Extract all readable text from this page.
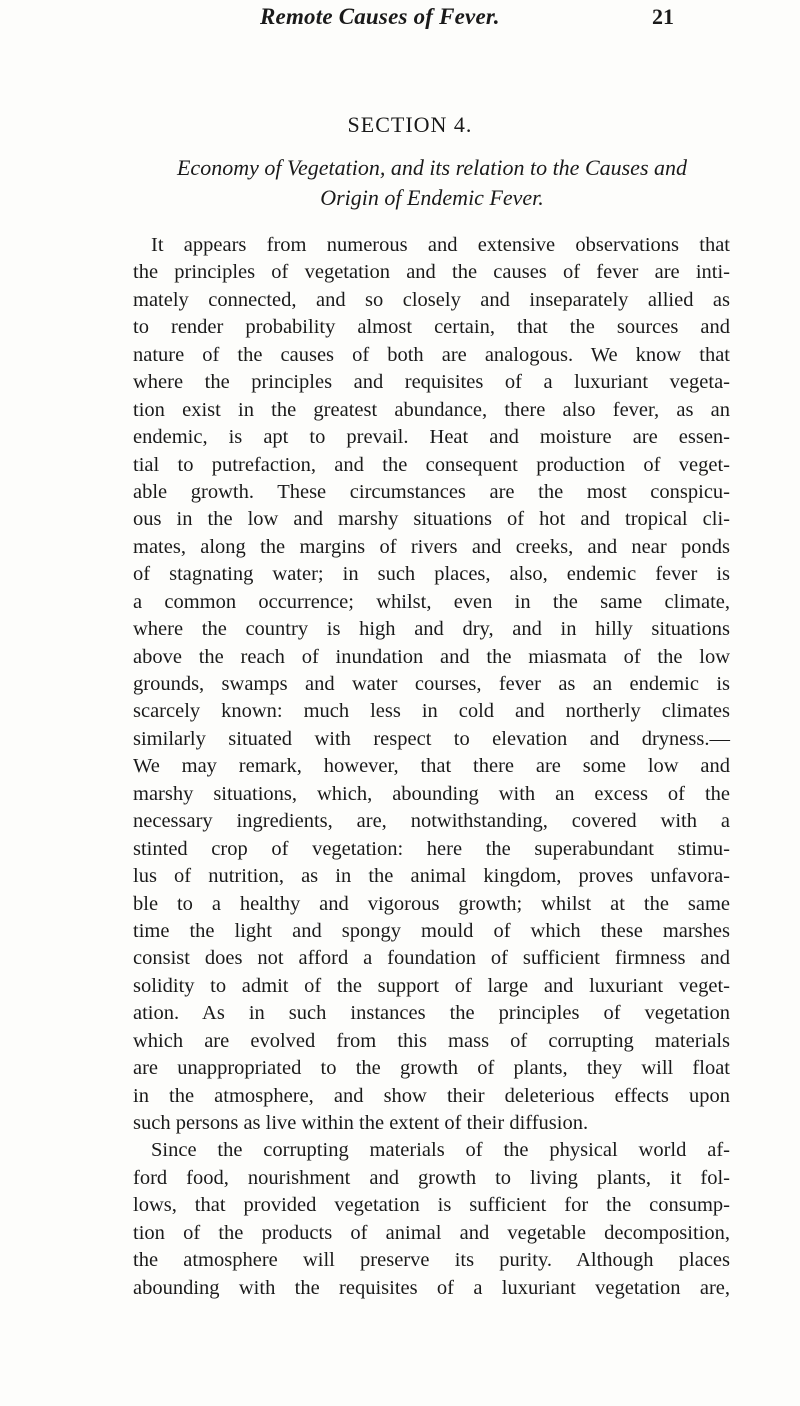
Remote Causes of Fever.	21
SECTION 4.
Economy of Vegetation, and its relation to the Causes and
Origin of Endemic Fever.
It appears from numerous and extensive observations that
the principles of vegetation and the causes of fever are inti-
mately connected, and so closely and inseparately allied as
to render probability almost certain, that the sources and
nature of the causes of both are analogous. We know that
where the principles and requisites of a luxuriant vegeta-
tion exist in the greatest abundance, there also fever, as an
endemic, is apt to prevail. Heat and moisture are essen-
tial to putrefaction, and the consequent production of veget-
able growth. These circumstances are the most conspicu-
ous in the low and marshy situations of hot and tropical cli-
mates, along the margins of rivers and creeks, and near ponds
of stagnating water; in such places, also, endemic fever is
a common occurrence; whilst, even in the same climate,
where the country is high and dry, and in hilly situations
above the reach of inundation and the miasmata of the low
grounds, swamps and water courses, fever as an endemic is
scarcely known: much less in cold and northerly climates
similarly situated with respect to elevation and dryness.—
We may remark, however, that there are some low and
marshy situations, which, abounding with an excess of the
necessary ingredients, are, notwithstanding, covered with a
stinted crop of vegetation: here the superabundant stimu-
lus of nutrition, as in the animal kingdom, proves unfavora-
ble to a healthy and vigorous growth; whilst at the same
time the light and spongy mould of which these marshes
consist does not afford a foundation of sufficient firmness and
solidity to admit of the support of large and luxuriant veget-
ation. As in such instances the principles of vegetation
which are evolved from this mass of corrupting materials
are unappropriated to the growth of plants, they will float
in the atmosphere, and show their deleterious effects upon
such persons as live within the extent of their diffusion.
Since the corrupting materials of the physical world af-
ford food, nourishment and growth to living plants, it fol-
lows, that provided vegetation is sufficient for the consump-
tion of the products of animal and vegetable decomposition,
the atmosphere will preserve its purity. Although places
abounding with the requisites of a luxuriant vegetation are,
